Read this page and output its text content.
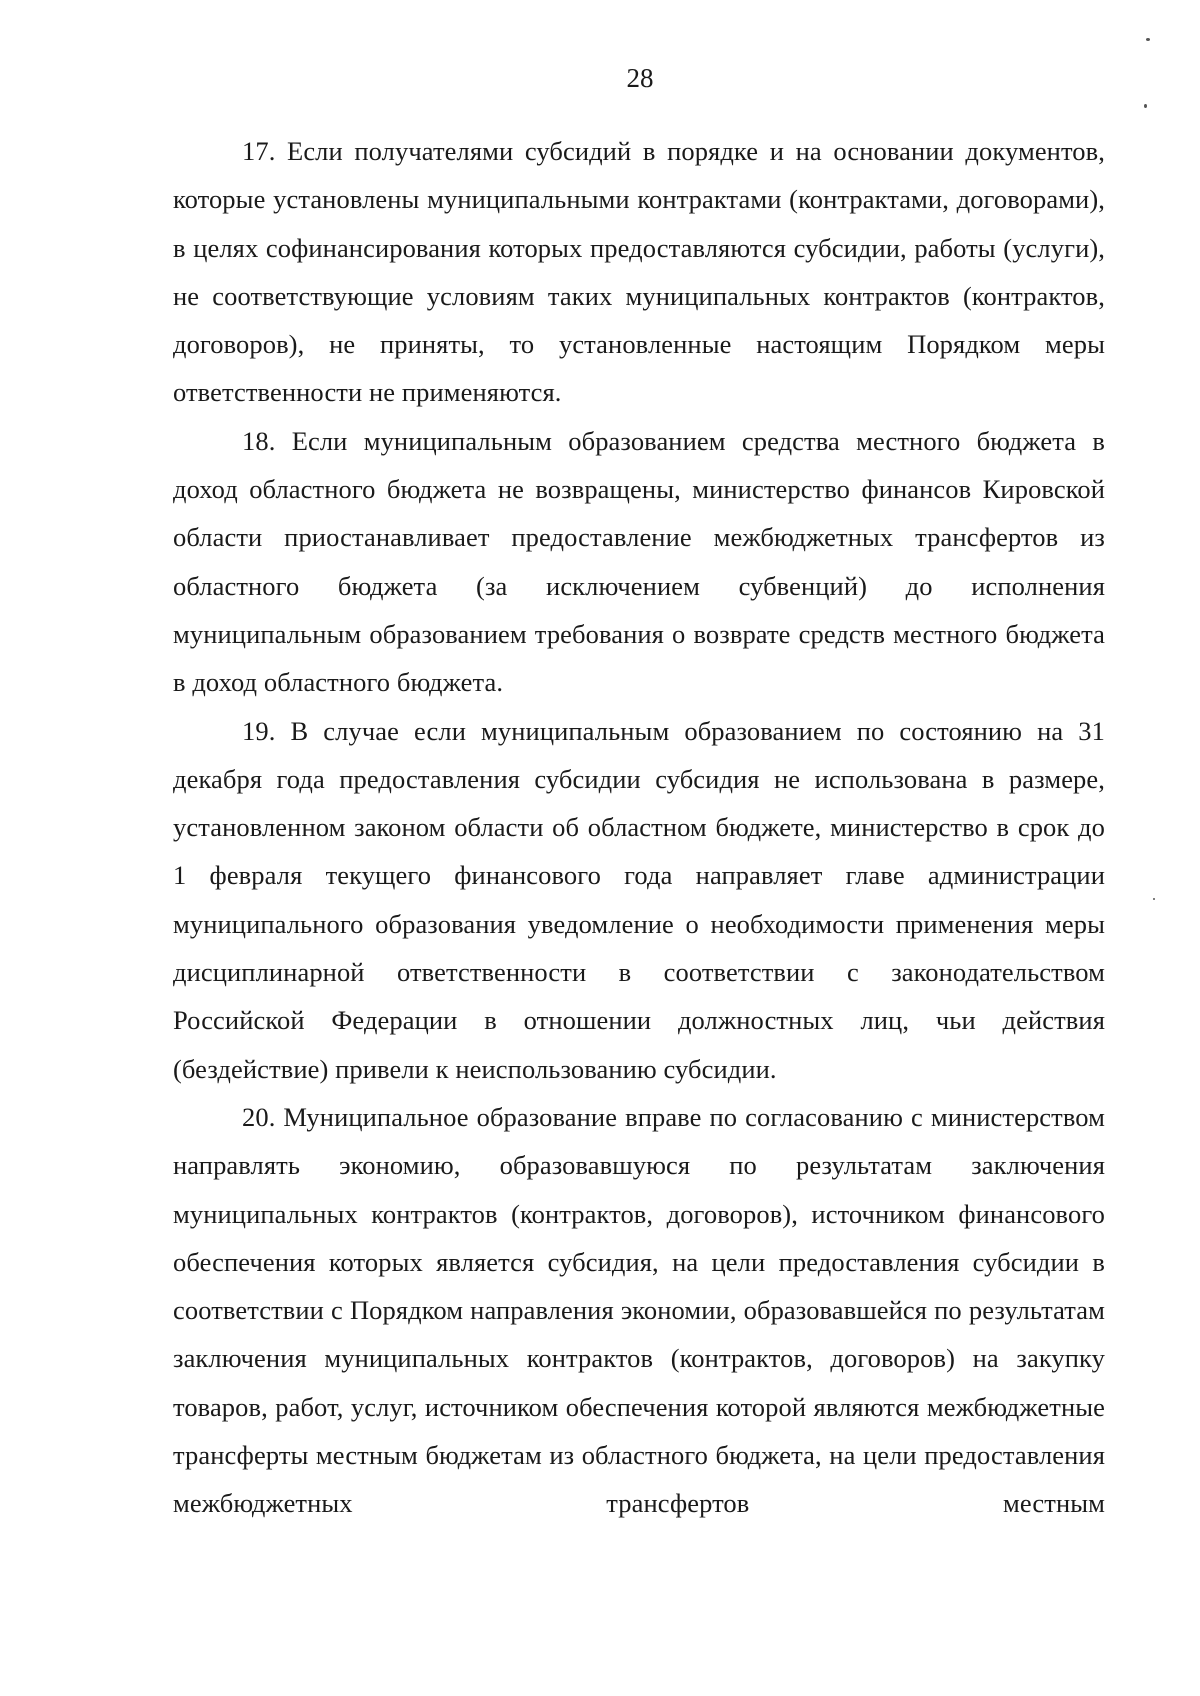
28

17. Если получателями субсидий в порядке и на основании документов, которые установлены муниципальными контрактами (контрактами, договорами), в целях софинансирования которых предоставляются субсидии, работы (услуги), не соответствующие условиям таких муниципальных контрактов (контрактов, договоров), не приняты, то установленные настоящим Порядком меры ответственности не применяются.

18. Если муниципальным образованием средства местного бюджета в доход областного бюджета не возвращены, министерство финансов Кировской области приостанавливает предоставление межбюджетных трансфертов из областного бюджета (за исключением субвенций) до исполнения муниципальным образованием требования о возврате средств местного бюджета в доход областного бюджета.

19. В случае если муниципальным образованием по состоянию на 31 декабря года предоставления субсидии субсидия не использована в размере, установленном законом области об областном бюджете, министерство в срок до 1 февраля текущего финансового года направляет главе администрации муниципального образования уведомление о необходимости применения меры дисциплинарной ответственности в соответствии с законодательством Российской Федерации в отношении должностных лиц, чьи действия (бездействие) привели к неиспользованию субсидии.

20. Муниципальное образование вправе по согласованию с министерством направлять экономию, образовавшуюся по результатам заключения муниципальных контрактов (контрактов, договоров), источником финансового обеспечения которых является субсидия, на цели предоставления субсидии в соответствии с Порядком направления экономии, образовавшейся по результатам заключения муниципальных контрактов (контрактов, договоров) на закупку товаров, работ, услуг, источником обеспечения которой являются межбюджетные трансферты местным бюджетам из областного бюджета, на цели предоставления межбюджетных трансфертов местным
